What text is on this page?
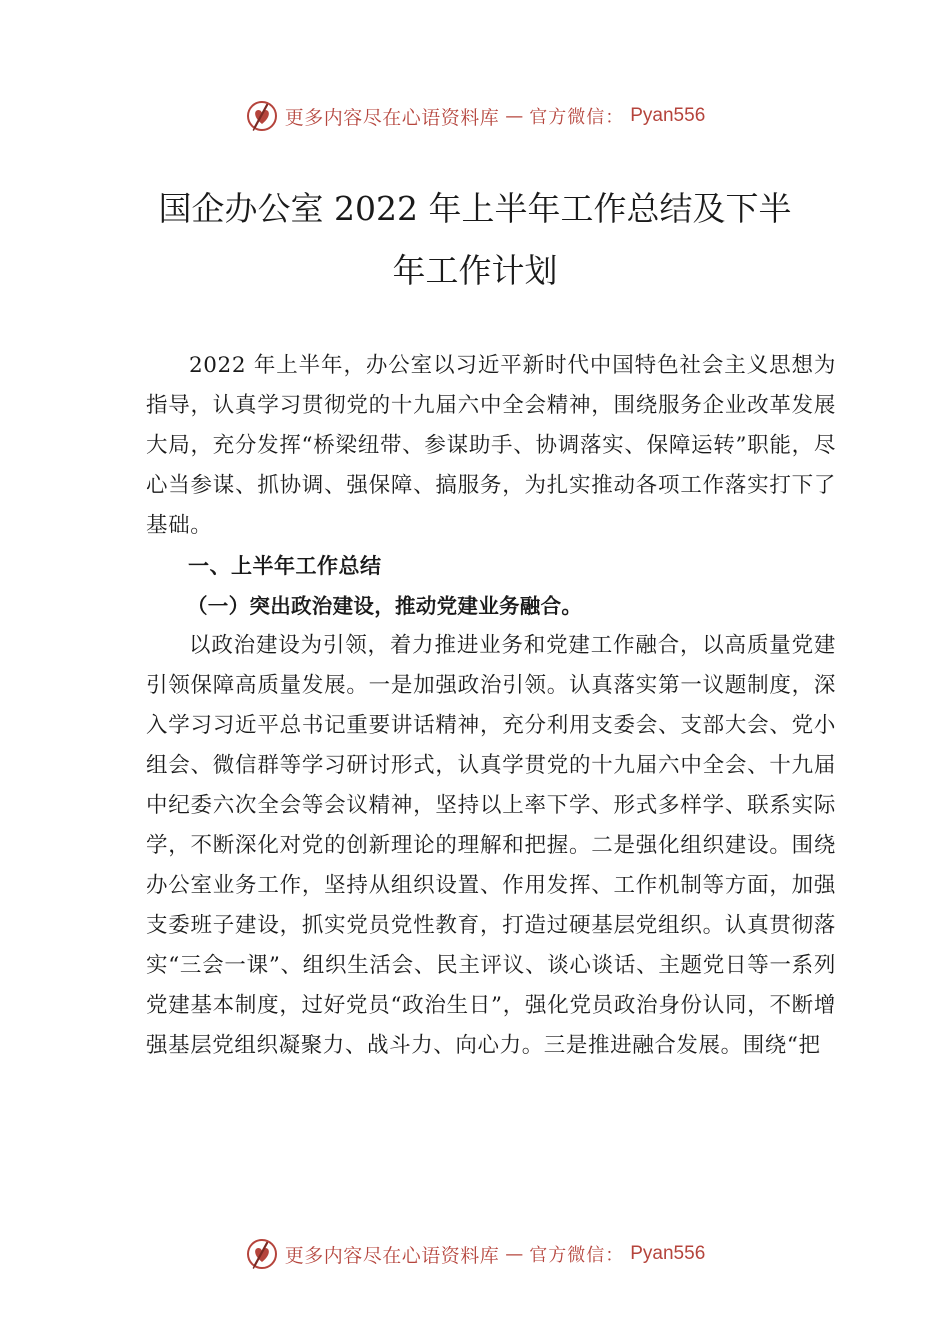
更多内容尽在心语资料库 — 官方微信： Pyan556
国企办公室 2022 年上半年工作总结及下半
年工作计划

2022 年上半年，办公室以习近平新时代中国特色社会主义思想为指导，认真学习贯彻党的十九届六中全会精神，围绕服务企业改革发展大局，充分发挥“桥梁纽带、参谋助手、协调落实、保障运转”职能，尽心当参谋、抓协调、强保障、搞服务，为扎实推动各项工作落实打下了基础。

一、上半年工作总结

（一）突出政治建设，推动党建业务融合。

以政治建设为引领，着力推进业务和党建工作融合，以高质量党建引领保障高质量发展。一是加强政治引领。认真落实第一议题制度，深入学习习近平总书记重要讲话精神，充分利用支委会、支部大会、党小组会、微信群等学习研讨形式，认真学贯党的十九届六中全会、十九届中纪委六次全会等会议精神，坚持以上率下学、形式多样学、联系实际学，不断深化对党的创新理论的理解和把握。二是强化组织建设。围绕办公室业务工作，坚持从组织设置、作用发挥、工作机制等方面，加强支委班子建设，抓实党员党性教育，打造过硬基层党组织。认真贯彻落实“三会一课”、组织生活会、民主评议、谈心谈话、主题党日等一系列党建基本制度，过好党员“政治生日”，强化党员政治身份认同，不断增强基层党组织凝聚力、战斗力、向心力。三是推进融合发展。围绕“把

更多内容尽在心语资料库 — 官方微信： Pyan556
